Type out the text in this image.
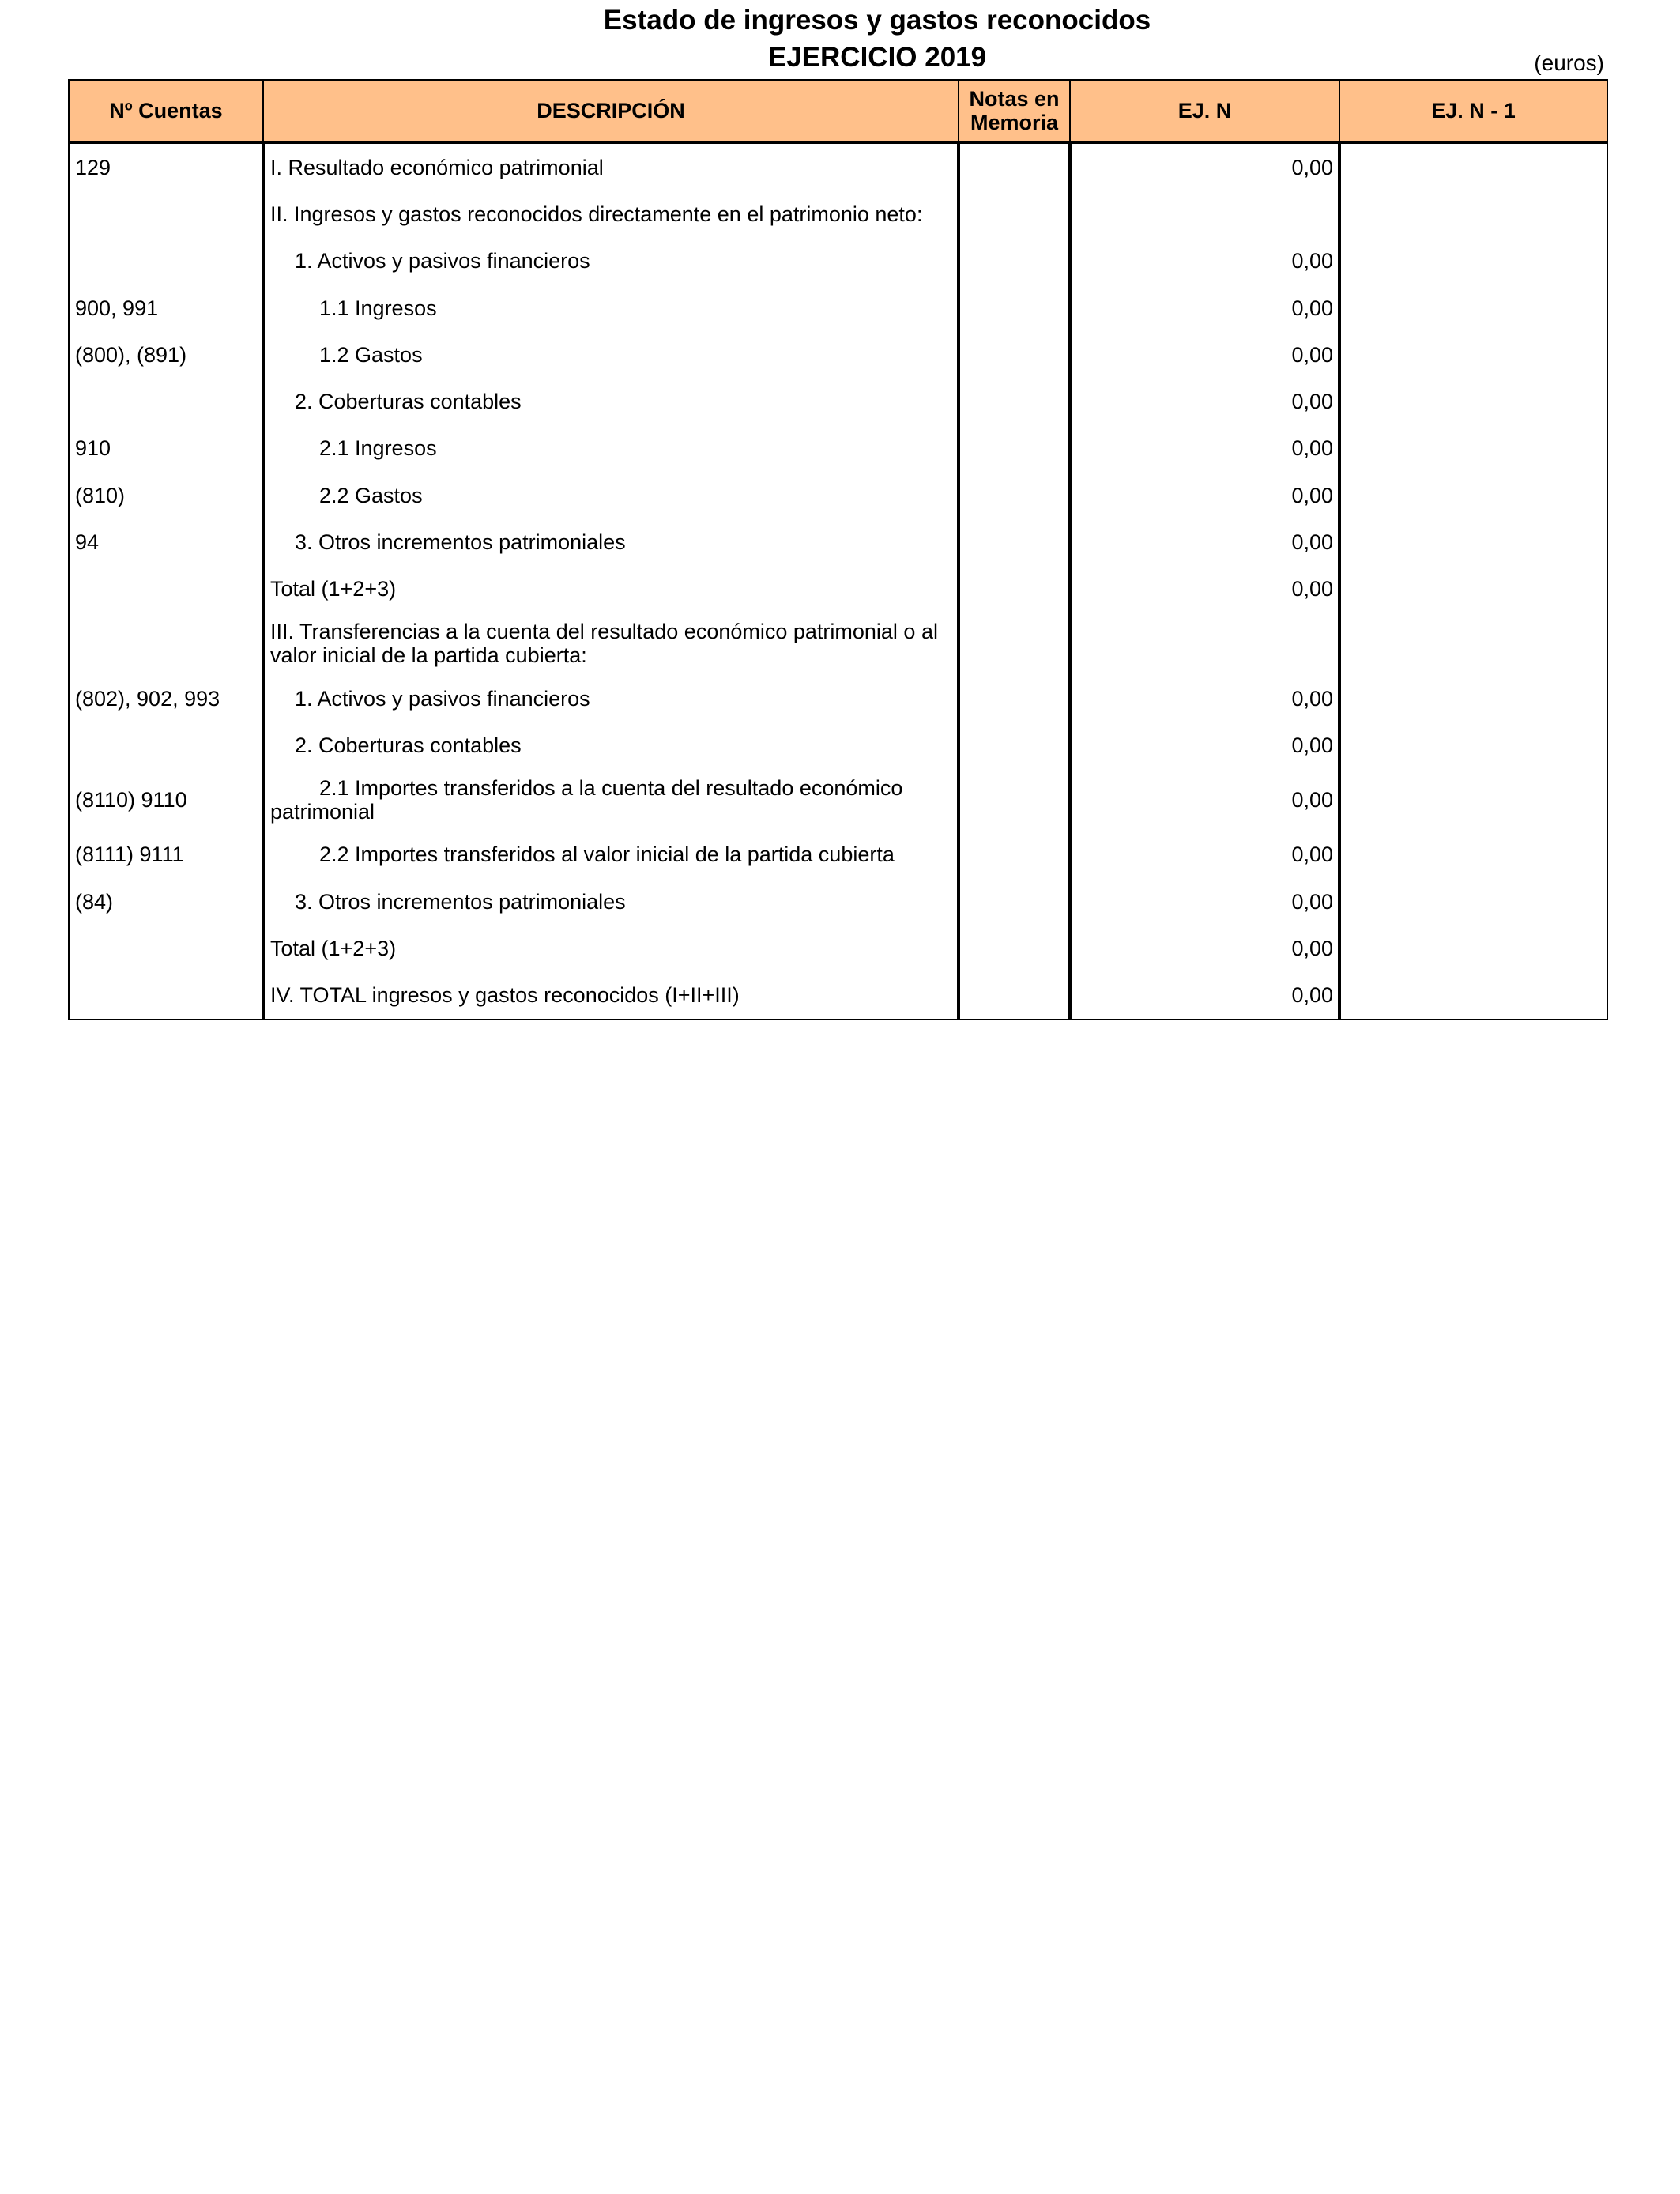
Estado de ingresos y gastos reconocidos
EJERCICIO 2019	(euros)
Nº Cuentas	DESCRIPCIÓN	Notas en Memoria	EJ. N	EJ. N - 1
129	I. Resultado económico patrimonial		0,00	
	II. Ingresos y gastos reconocidos directamente en el patrimonio neto:			
	1. Activos y pasivos financieros		0,00	
900, 991	1.1 Ingresos		0,00	
(800), (891)	1.2 Gastos		0,00	
	2. Coberturas contables		0,00	
910	2.1 Ingresos		0,00	
(810)	2.2 Gastos		0,00	
94	3. Otros incrementos patrimoniales		0,00	
	Total (1+2+3)		0,00	
	III. Transferencias a la cuenta del resultado económico patrimonial o al valor inicial de la partida cubierta:			
(802), 902, 993	1. Activos y pasivos financieros		0,00	
	2. Coberturas contables		0,00	
(8110) 9110	2.1 Importes transferidos a la cuenta del resultado económico patrimonial		0,00	
(8111) 9111	2.2 Importes transferidos al valor inicial de la partida cubierta		0,00	
(84)	3. Otros incrementos patrimoniales		0,00	
	Total (1+2+3)		0,00	
	IV. TOTAL ingresos y gastos reconocidos (I+II+III)		0,00	
